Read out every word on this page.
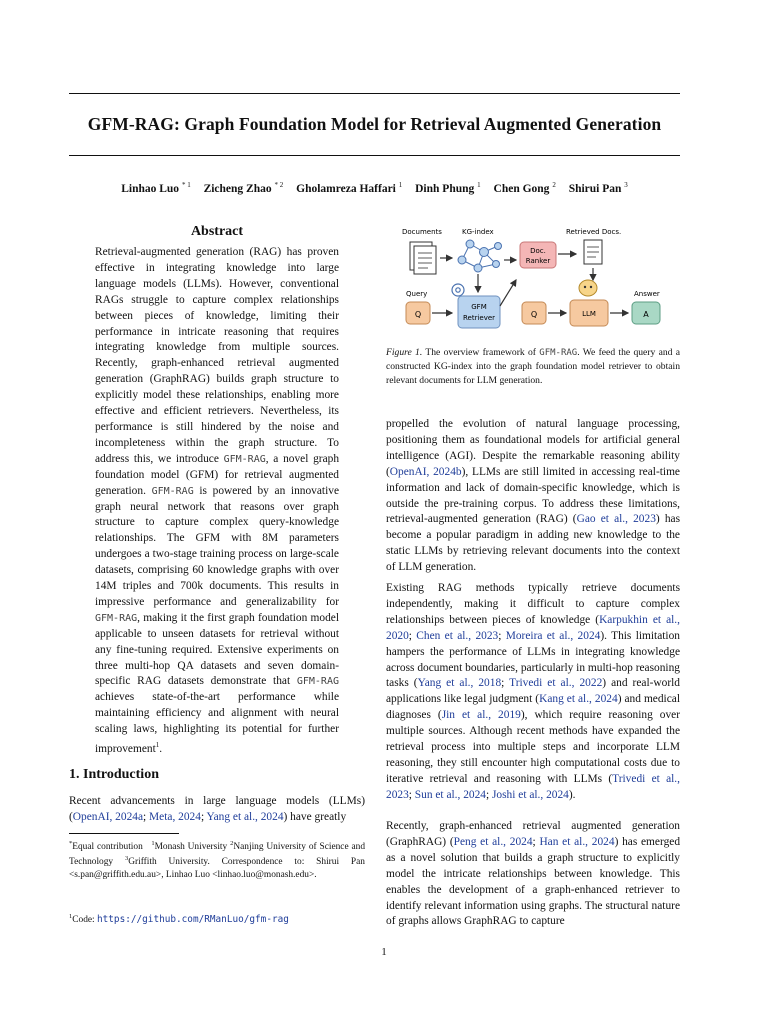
GFM-RAG: Graph Foundation Model for Retrieval Augmented Generation
Linhao Luo $^{* 1}$ Zicheng Zhao $^{* 2}$ Gholamreza Haffari $^1$ Dinh Phung $^1$ Chen Gong $^2$ Shirui Pan $^3$
Abstract
Retrieval-augmented generation (RAG) has proven effective in integrating knowledge into large language models (LLMs). However, conventional RAGs struggle to capture complex relationships between pieces of knowledge, limiting their performance in intricate reasoning that requires integrating knowledge from multiple sources. Recently, graph-enhanced retrieval augmented generation (GraphRAG) builds graph structure to explicitly model these relationships, enabling more effective and efficient retrievers. Nevertheless, its performance is still hindered by the noise and incompleteness within the graph structure. To address this, we introduce GFM-RAG, a novel graph foundation model (GFM) for retrieval augmented generation. GFM-RAG is powered by an innovative graph neural network that reasons over graph structure to capture complex query-knowledge relationships. The GFM with 8M parameters undergoes a two-stage training process on large-scale datasets, comprising 60 knowledge graphs with over 14M triples and 700k documents. This results in impressive performance and generalizability for GFM-RAG, making it the first graph foundation model applicable to unseen datasets for retrieval without any fine-tuning required. Extensive experiments on three multi-hop QA datasets and seven domain-specific RAG datasets demonstrate that GFM-RAG achieves state-of-the-art performance while maintaining efficiency and alignment with neural scaling laws, highlighting its potential for further improvement$^1$.
1. Introduction
Recent advancements in large language models (LLMs) (OpenAI, 2024a; Meta, 2024; Yang et al., 2024) have greatly
*Equal contribution $^1$Monash University $^2$Nanjing University of Science and Technology $^3$Griffith University. Correspondence to: Shirui Pan <s.pan@griffith.edu.au>, Linhao Luo <linhao.luo@monash.edu>.
$^1$Code: https://github.com/RManLuo/gfm-rag
Documents	KG-index	Retrieved Docs.
Doc.
Ranker
Query
Q
GFM
Retriever	Q	LLM
Answer
A
Figure 1. The overview framework of GFM-RAG. We feed the query and a constructed KG-index into the graph foundation model retriever to obtain relevant documents for LLM generation.
propelled the evolution of natural language processing, positioning them as foundational models for artificial general intelligence (AGI). Despite the remarkable reasoning ability (OpenAI, 2024b), LLMs are still limited in accessing real-time information and lack of domain-specific knowledge, which is outside the pre-training corpus. To address these limitations, retrieval-augmented generation (RAG) (Gao et al., 2023) has become a popular paradigm in adding new knowledge to the static LLMs by retrieving relevant documents into the context of LLM generation.
Existing RAG methods typically retrieve documents independently, making it difficult to capture complex relationships between pieces of knowledge (Karpukhin et al., 2020; Chen et al., 2023; Moreira et al., 2024). This limitation hampers the performance of LLMs in integrating knowledge across document boundaries, particularly in multi-hop reasoning tasks (Yang et al., 2018; Trivedi et al., 2022) and real-world applications like legal judgment (Kang et al., 2024) and medical diagnoses (Jin et al., 2019), which require reasoning over multiple sources. Although recent methods have expanded the retrieval process into multiple steps and incorporate LLM reasoning, they still encounter high computational costs due to iterative retrieval and reasoning with LLMs (Trivedi et al., 2023; Sun et al., 2024; Joshi et al., 2024).
Recently, graph-enhanced retrieval augmented generation (GraphRAG) (Peng et al., 2024; Han et al., 2024) has emerged as a novel solution that builds a graph structure to explicitly model the intricate relationships between knowledge. This enables the development of a graph-enhanced retriever to identify relevant information using graphs. The structural nature of graphs allows GraphRAG to capture
1
